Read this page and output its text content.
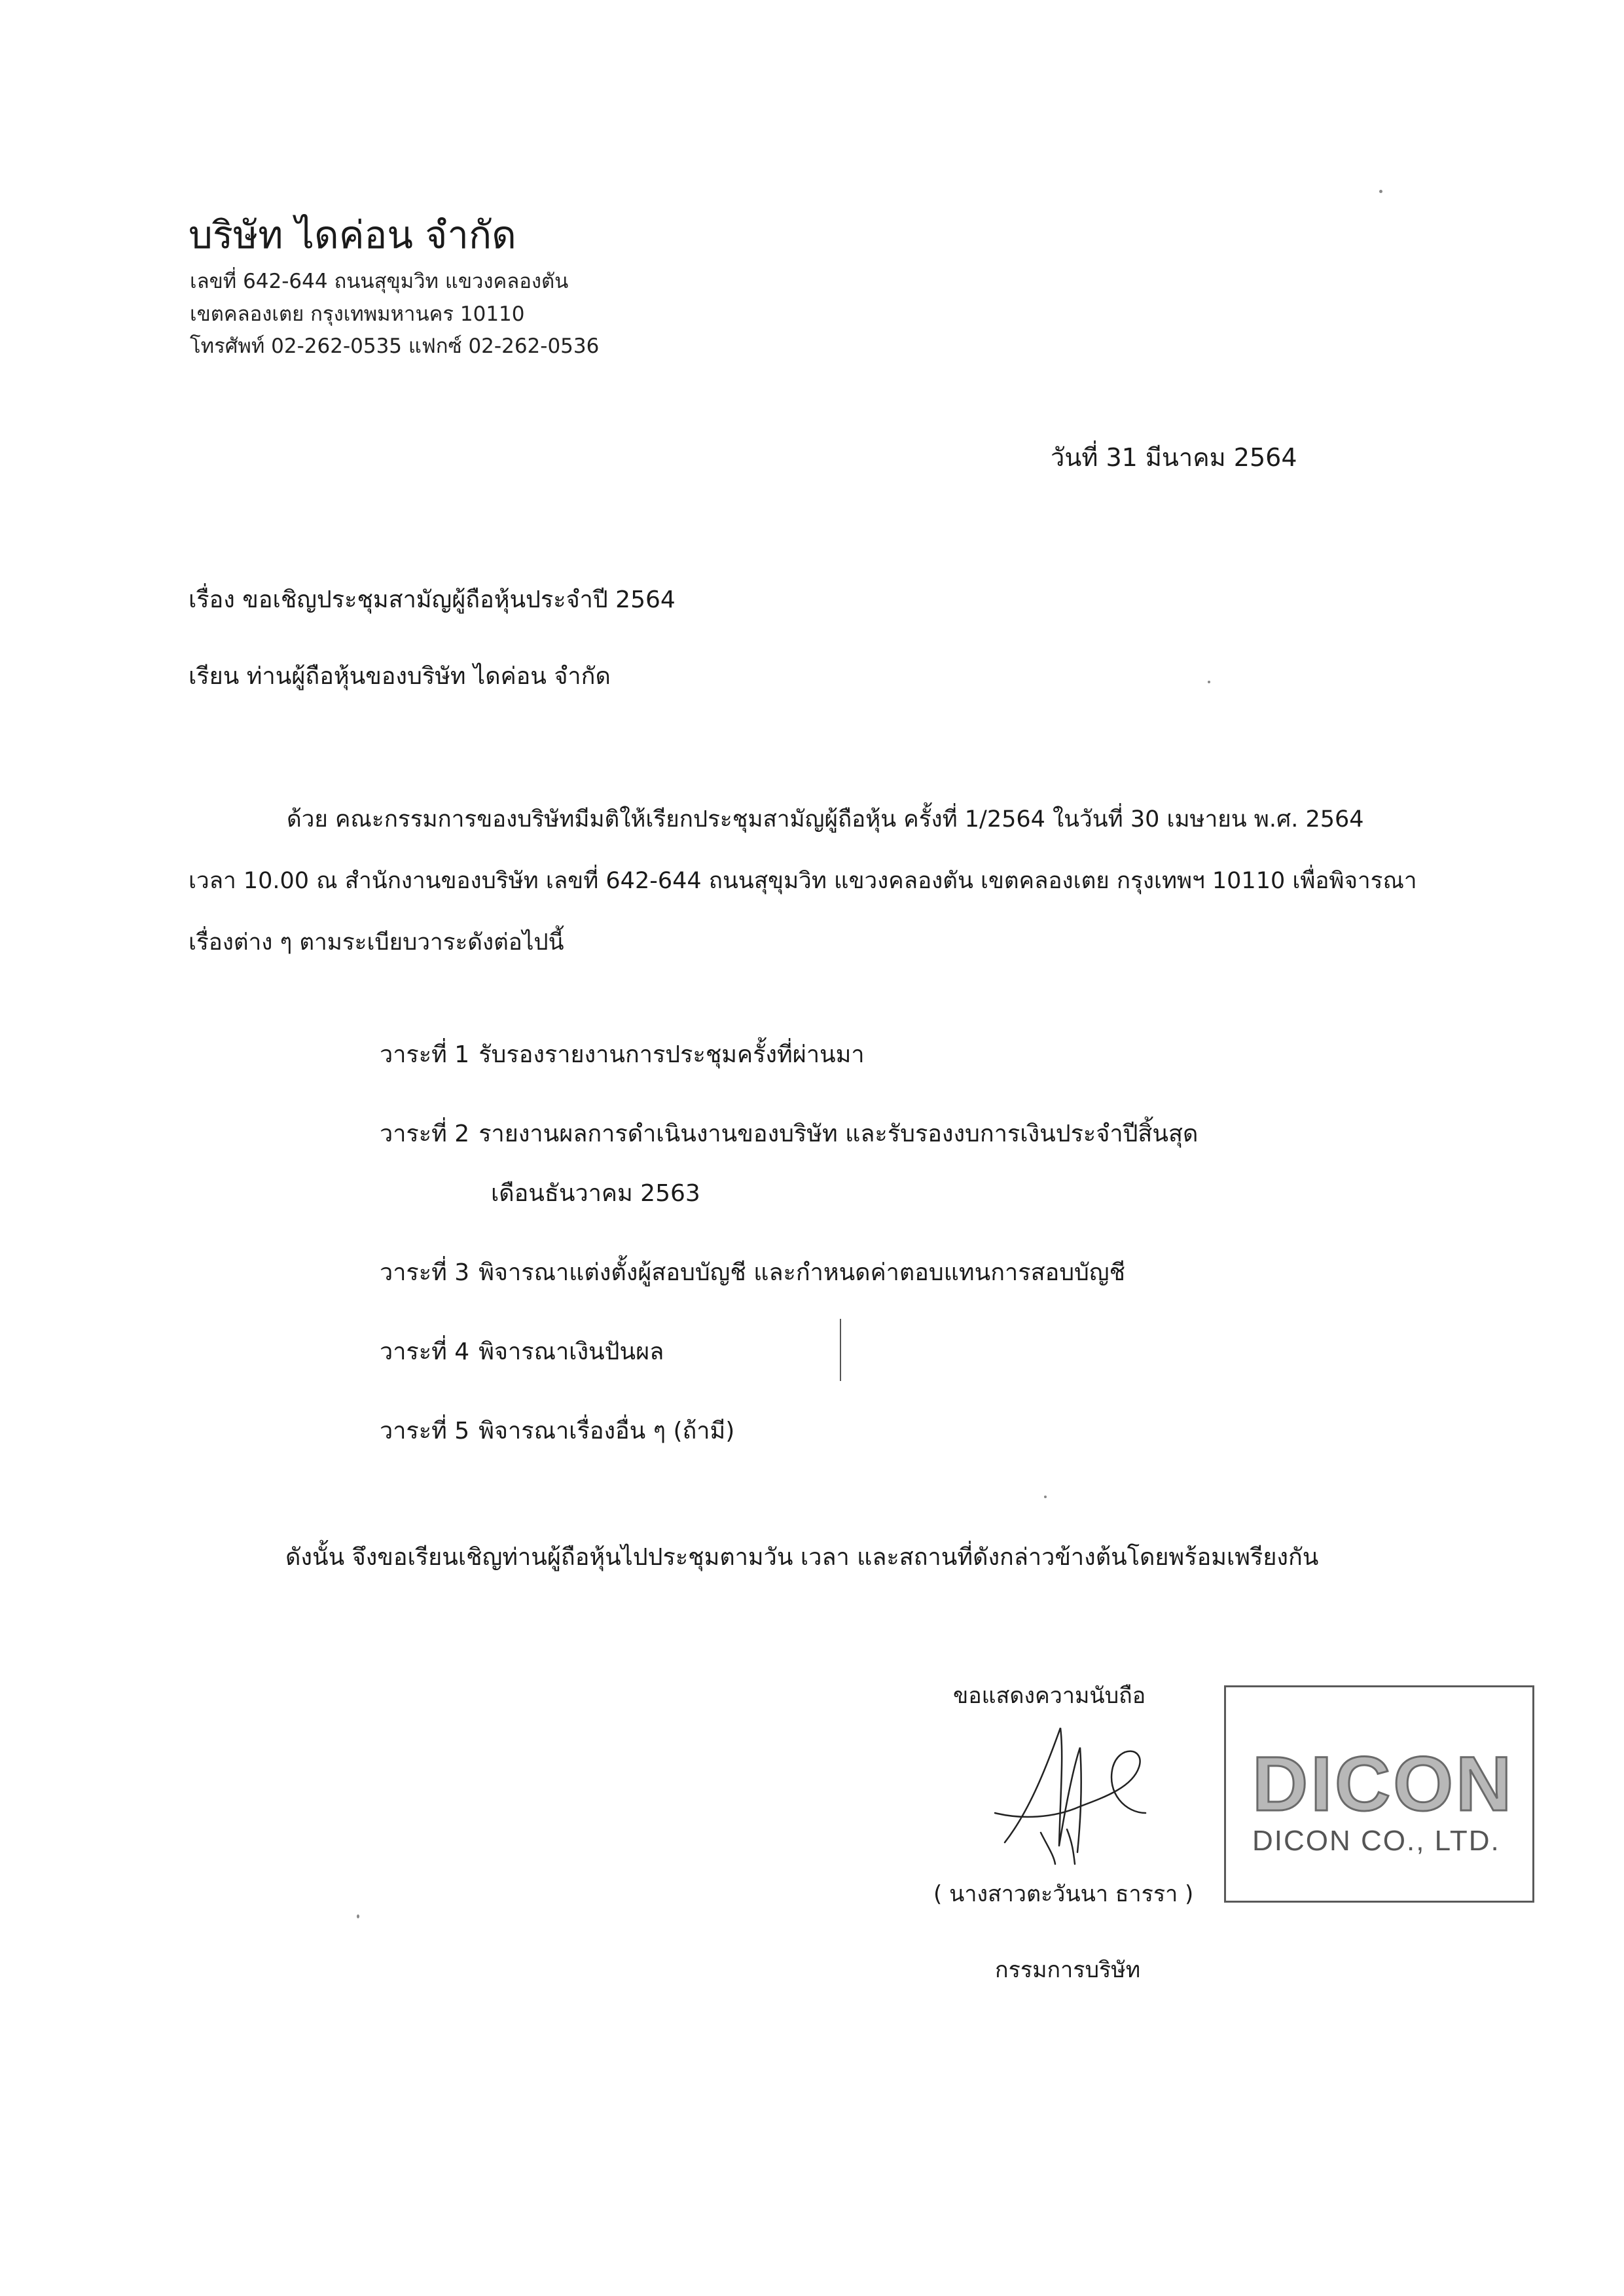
บริษัท ไดค่อน จำกัด
เลขที่ 642-644 ถนนสุขุมวิท แขวงคลองตัน
เขตคลองเตย กรุงเทพมหานคร 10110
โทรศัพท์ 02-262-0535 แฟกซ์ 02-262-0536
วันที่ 31 มีนาคม 2564
เรื่อง ขอเชิญประชุมสามัญผู้ถือหุ้นประจำปี 2564
เรียน ท่านผู้ถือหุ้นของบริษัท ไดค่อน จำกัด

ด้วย คณะกรรมการของบริษัทมีมติให้เรียกประชุมสามัญผู้ถือหุ้น ครั้งที่ 1/2564 ในวันที่ 30 เมษายน พ.ศ. 2564

เวลา 10.00 ณ สำนักงานของบริษัท เลขที่ 642-644 ถนนสุขุมวิท แขวงคลองตัน เขตคลองเตย กรุงเทพฯ 10110 เพื่อพิจารณา

เรื่องต่าง ๆ ตามระเบียบวาระดังต่อไปนี้

วาระที่ 1 รับรองรายงานการประชุมครั้งที่ผ่านมา
วาระที่ 2 รายงานผลการดำเนินงานของบริษัท และรับรองงบการเงินประจำปีสิ้นสุด
เดือนธันวาคม 2563
วาระที่ 3 พิจารณาแต่งตั้งผู้สอบบัญชี และกำหนดค่าตอบแทนการสอบบัญชี
วาระที่ 4 พิจารณาเงินปันผล
วาระที่ 5 พิจารณาเรื่องอื่น ๆ (ถ้ามี)
ดังนั้น จึงขอเรียนเชิญท่านผู้ถือหุ้นไปประชุมตามวัน เวลา และสถานที่ดังกล่าวข้างต้นโดยพร้อมเพรียงกัน
ขอแสดงความนับถือ
( นางสาวตะวันนา ธารรา )
กรรมการบริษัท
DICON
DICON CO., LTD.
